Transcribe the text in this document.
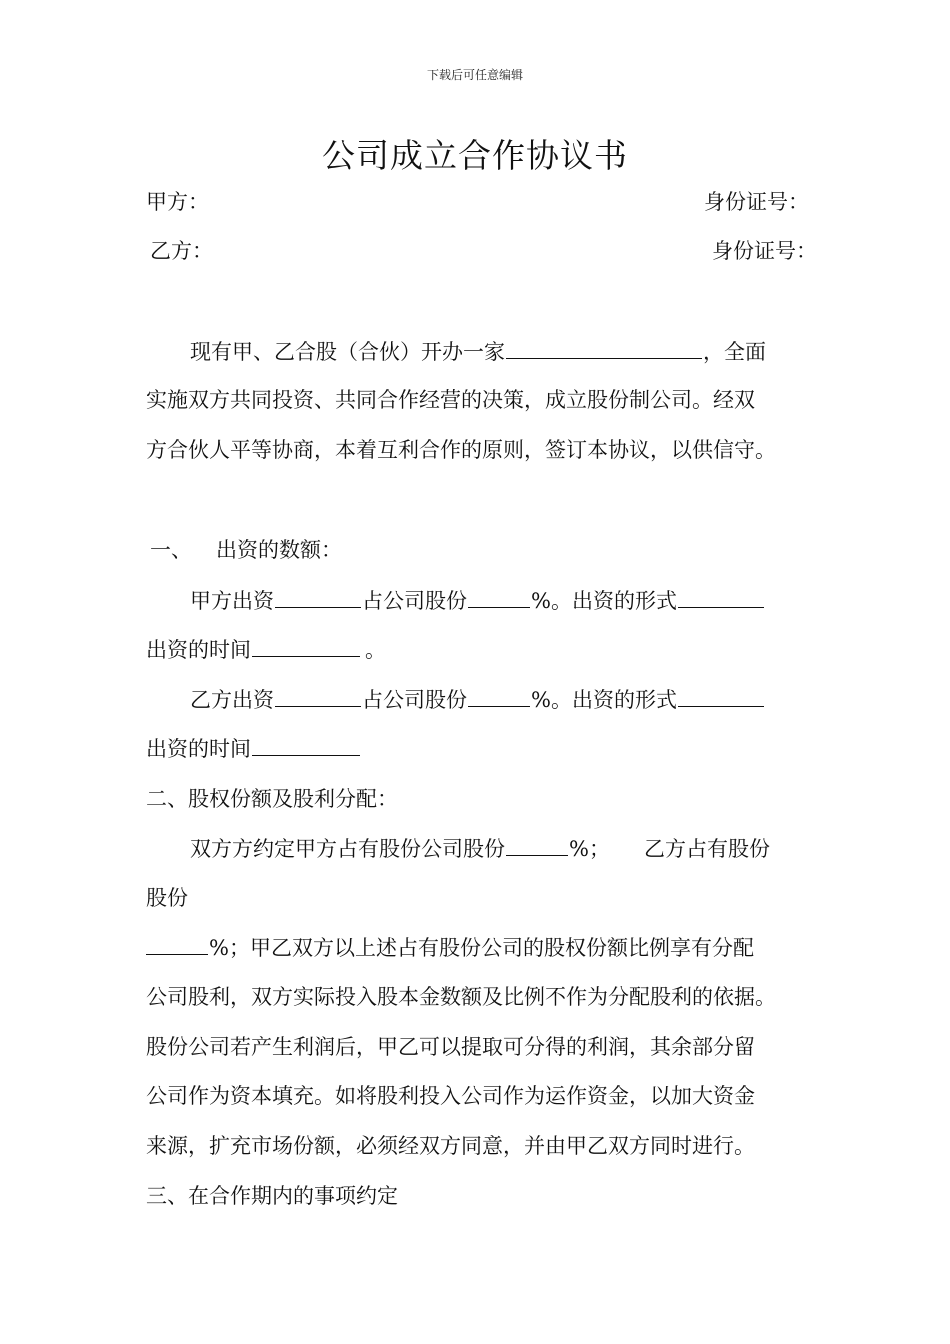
下载后可任意编辑
公司成立合作协议书
甲方：	身份证号：
乙方：	身份证号：
现有甲、乙合股（合伙）开办一家	，全面
实施双方共同投资、共同合作经营的决策，成立股份制公司。经双
方合伙人平等协商，本着互利合作的原则，签订本协议，以供信守。
一、 出资的数额：
甲方出资	占公司股份	%。出资的形式
出资的时间	。
乙方出资	占公司股份	%。出资的形式
出资的时间
二、股权份额及股利分配：
双方方约定甲方占有股份公司股份	%； 乙方占有股份
股份
%；甲乙双方以上述占有股份公司的股权份额比例享有分配
公司股利，双方实际投入股本金数额及比例不作为分配股利的依据。
股份公司若产生利润后，甲乙可以提取可分得的利润，其余部分留
公司作为资本填充。如将股利投入公司作为运作资金，以加大资金
来源，扩充市场份额，必须经双方同意，并由甲乙双方同时进行。
三、在合作期内的事项约定
